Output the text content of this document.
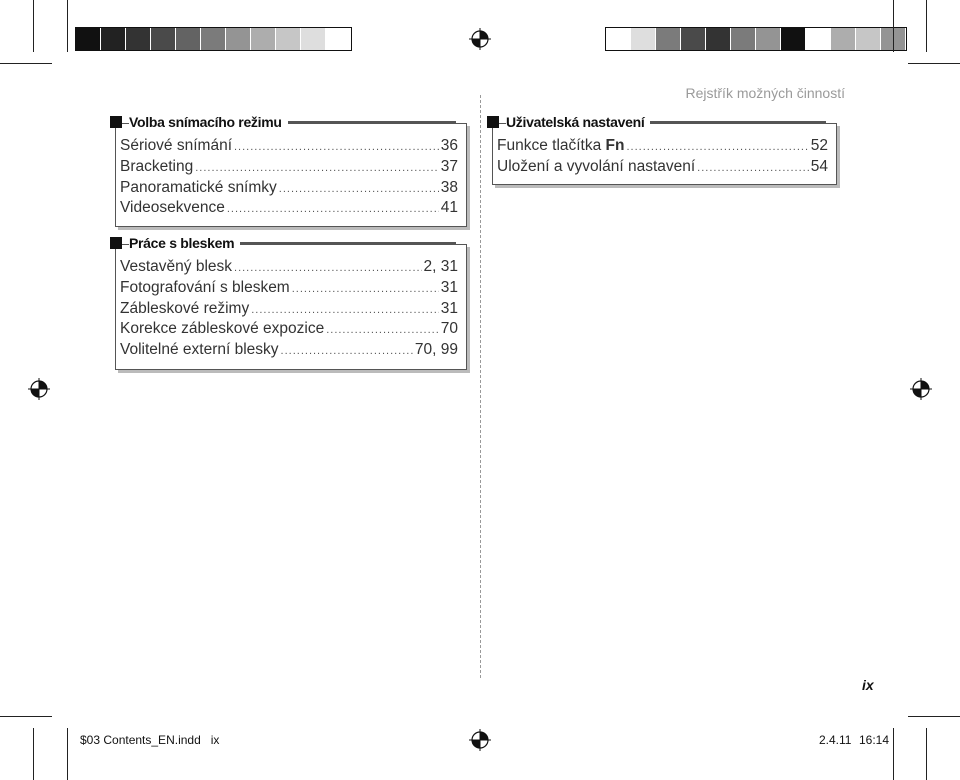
Rejstřík možných činností
Volba snímacího režimu
Sériové snímání .....	36
Bracketing .....	37
Panoramatické snímky .....	38
Videosekvence .....	41
Práce s bleskem
Vestavěný blesk .....	2, 31
Fotografování s bleskem .....	31
Zábleskové režimy .....	31
Korekce zábleskové expozice .....	70
Volitelné externí blesky .....	70, 99
Uživatelská nastavení
Funkce tlačítka Fn .....	52
Uložení a vyvolání nastavení .....	54
ix
$03 Contents_EN.indd   ix	2.4.11 16:14
